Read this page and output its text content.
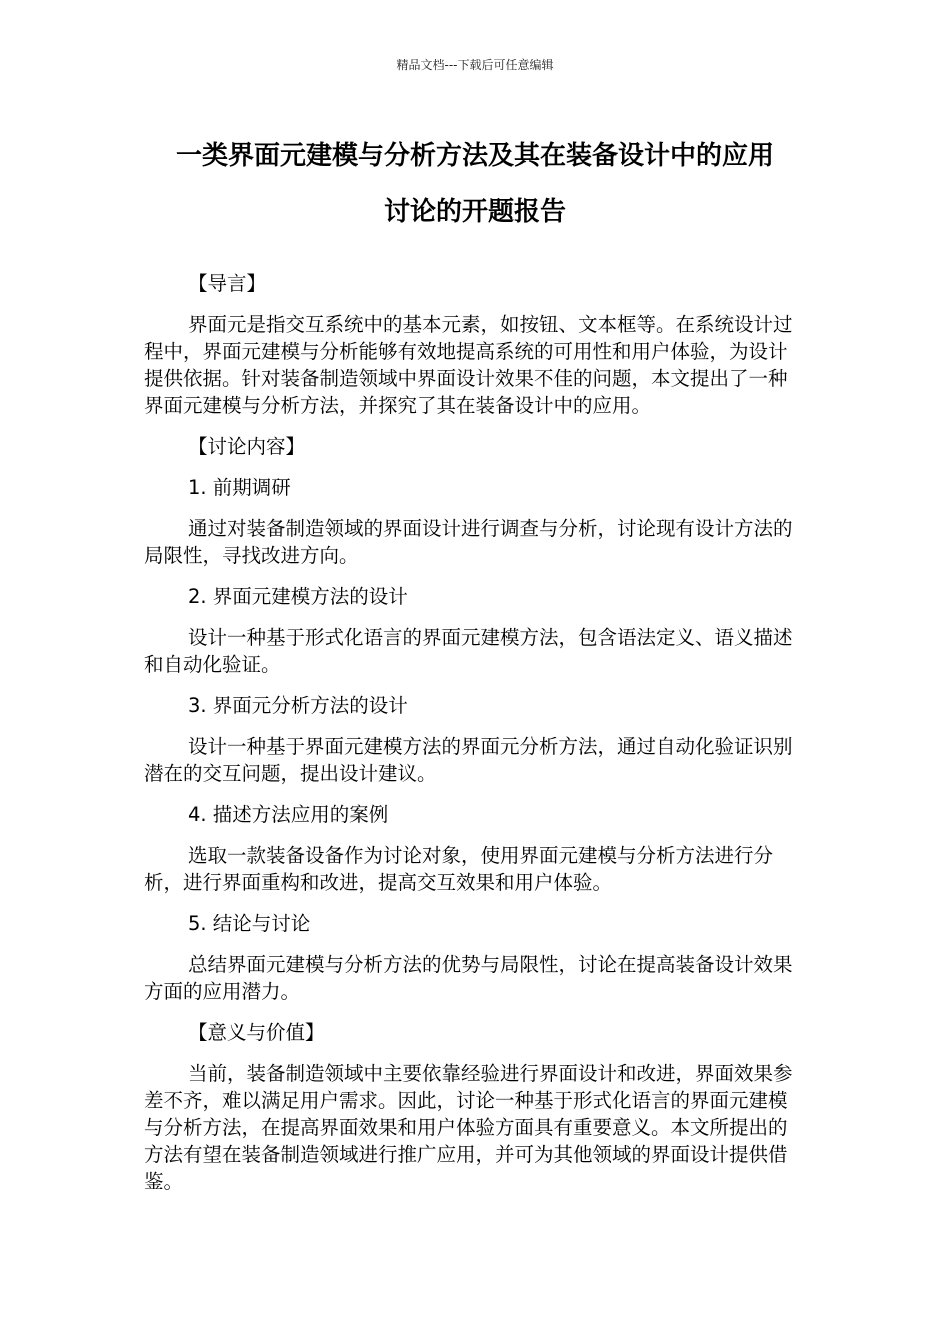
精品文档---下载后可任意编辑
一类界面元建模与分析方法及其在装备设计中的应用
讨论的开题报告

【导言】

界面元是指交互系统中的基本元素，如按钮、文本框等。在系统设计过程中，界面元建模与分析能够有效地提高系统的可用性和用户体验，为设计提供依据。针对装备制造领域中界面设计效果不佳的问题，本文提出了一种界面元建模与分析方法，并探究了其在装备设计中的应用。

【讨论内容】

1. 前期调研

通过对装备制造领域的界面设计进行调查与分析，讨论现有设计方法的局限性，寻找改进方向。

2. 界面元建模方法的设计

设计一种基于形式化语言的界面元建模方法，包含语法定义、语义描述和自动化验证。

3. 界面元分析方法的设计

设计一种基于界面元建模方法的界面元分析方法，通过自动化验证识别潜在的交互问题，提出设计建议。

4. 描述方法应用的案例

选取一款装备设备作为讨论对象，使用界面元建模与分析方法进行分析，进行界面重构和改进，提高交互效果和用户体验。

5. 结论与讨论

总结界面元建模与分析方法的优势与局限性，讨论在提高装备设计效果方面的应用潜力。

【意义与价值】

当前，装备制造领域中主要依靠经验进行界面设计和改进，界面效果参差不齐，难以满足用户需求。因此，讨论一种基于形式化语言的界面元建模与分析方法，在提高界面效果和用户体验方面具有重要意义。本文所提出的方法有望在装备制造领域进行推广应用，并可为其他领域的界面设计提供借鉴。
